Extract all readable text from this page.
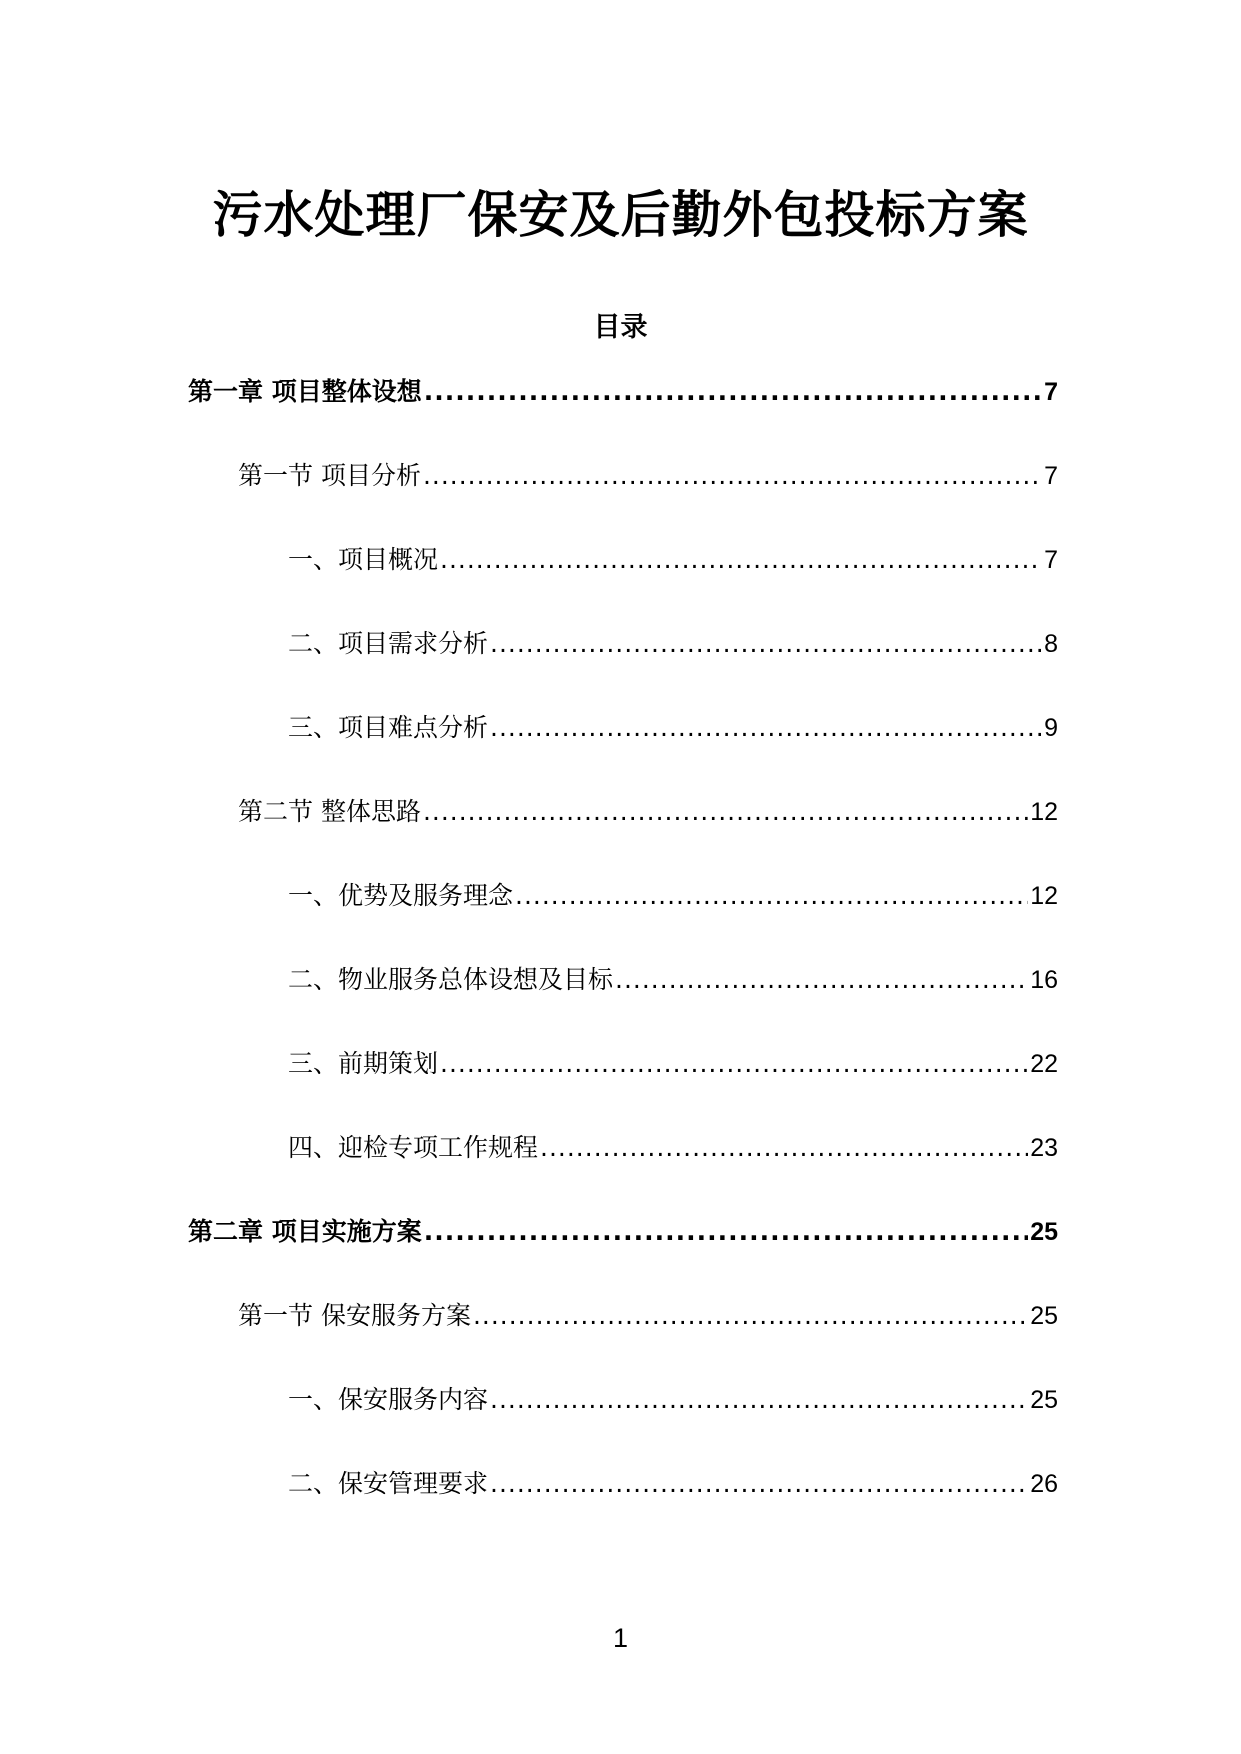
污水处理厂保安及后勤外包投标方案
目录
第一章 项目整体设想 .....	7
第一节 项目分析 .....	7
一、项目概况 .....	7
二、项目需求分析 .....	8
三、项目难点分析 .....	9
第二节 整体思路 .....	12
一、优势及服务理念 .....	12
二、物业服务总体设想及目标 .....	16
三、前期策划 .....	22
四、迎检专项工作规程 .....	23
第二章 项目实施方案 .....	25
第一节 保安服务方案 .....	25
一、保安服务内容 .....	25
二、保安管理要求 .....	26
1
